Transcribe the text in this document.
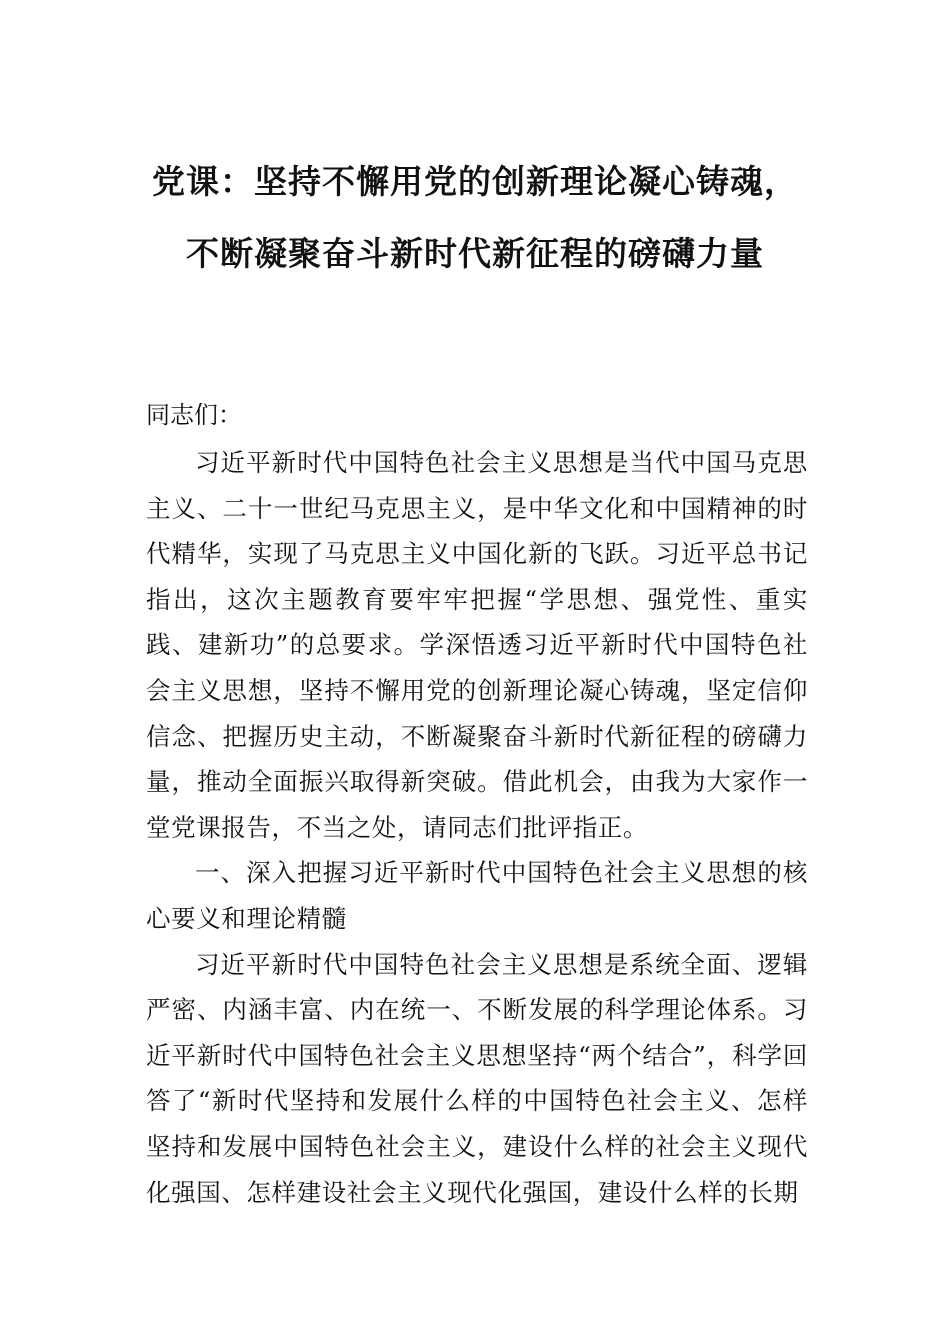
党课：坚持不懈用党的创新理论凝心铸魂，不断凝聚奋斗新时代新征程的磅礴力量

同志们：

习近平新时代中国特色社会主义思想是当代中国马克思主义、二十一世纪马克思主义，是中华文化和中国精神的时代精华，实现了马克思主义中国化新的飞跃。习近平总书记指出，这次主题教育要牢牢把握“学思想、强党性、重实践、建新功”的总要求。学深悟透习近平新时代中国特色社会主义思想，坚持不懈用党的创新理论凝心铸魂，坚定信仰信念、把握历史主动，不断凝聚奋斗新时代新征程的磅礴力量，推动全面振兴取得新突破。借此机会，由我为大家作一堂党课报告，不当之处，请同志们批评指正。

一、深入把握习近平新时代中国特色社会主义思想的核心要义和理论精髓

习近平新时代中国特色社会主义思想是系统全面、逻辑严密、内涵丰富、内在统一、不断发展的科学理论体系。习近平新时代中国特色社会主义思想坚持“两个结合”，科学回答了“新时代坚持和发展什么样的中国特色社会主义、怎样坚持和发展中国特色社会主义，建设什么样的社会主义现代化强国、怎样建设社会主义现代化强国，建设什么样的长期
